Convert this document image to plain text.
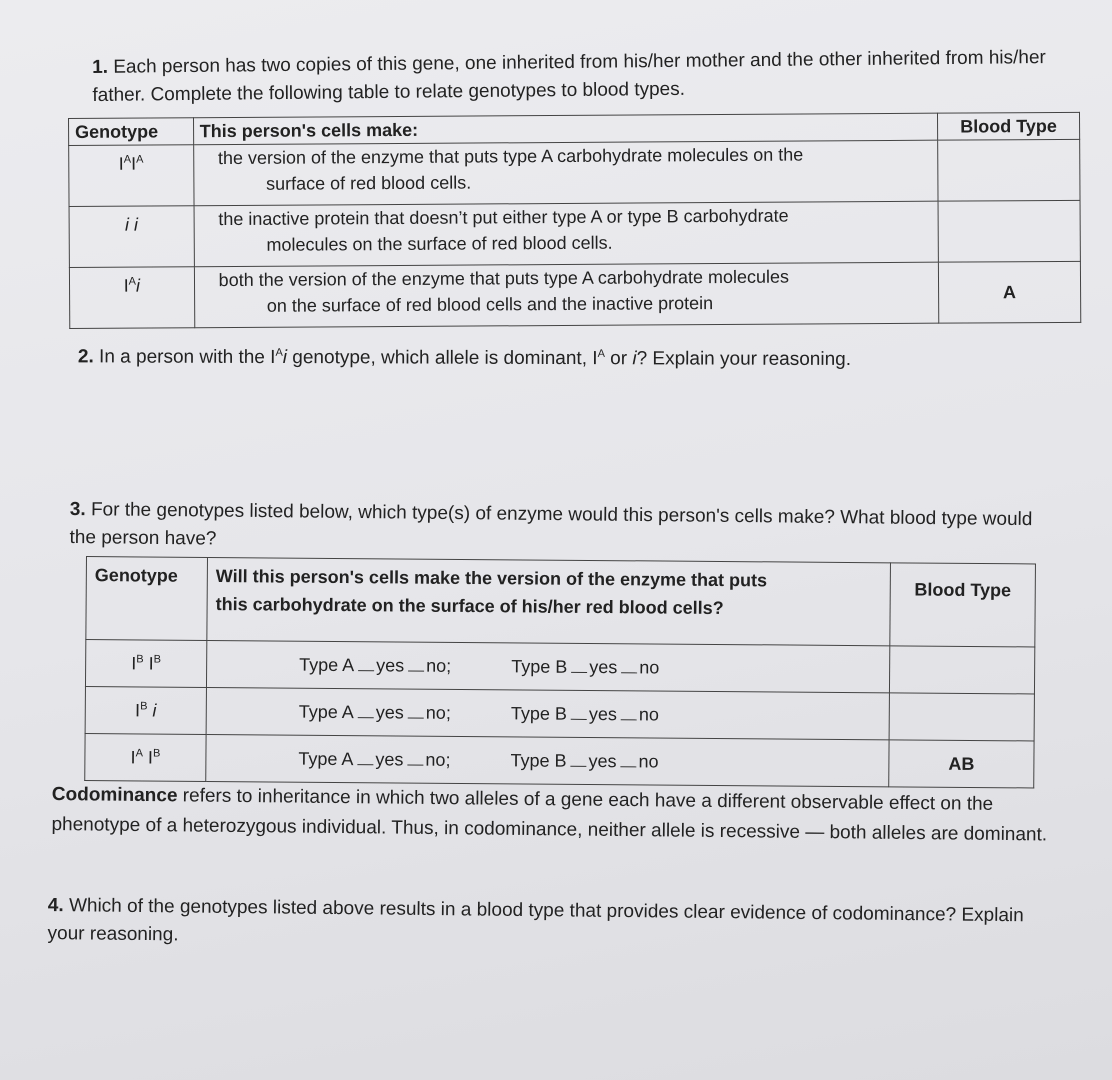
1. Each person has two copies of this gene, one inherited from his/her mother and the other inherited from his/her father. Complete the following table to relate genotypes to blood types.
Genotype	This person's cells make:	Blood Type
$I^AI^A$	the version of the enzyme that puts type A carbohydrate molecules on the
surface of red blood cells.	

i i	the inactive protein that doesn’t put either type A or type B carbohydrate
molecules on the surface of red blood cells.	

$I^Ai$	both the version of the enzyme that puts type A carbohydrate molecules
on the surface of red blood cells and the inactive protein	A
2. In a person with the $I^Ai$ genotype, which allele is dominant, $I^A$ or i? Explain your reasoning.
3. For the genotypes listed below, which type(s) of enzyme would this person's cells make? What blood type would the person have?
Genotype	Will this person's cells make the version of the enzyme that puts
this carbohydrate on the surface of his/her red blood cells?	Blood Type
$I^B$ $I^B$	Type A yes no; Type B yes no	
$I^B$ i	Type A yes no; Type B yes no	
$I^A$ $I^B$	Type A yes no; Type B yes no	AB
Codominance refers to inheritance in which two alleles of a gene each have a different observable effect on the phenotype of a heterozygous individual. Thus, in codominance, neither allele is recessive — both alleles are dominant.
4. Which of the genotypes listed above results in a blood type that provides clear evidence of codominance? Explain your reasoning.
